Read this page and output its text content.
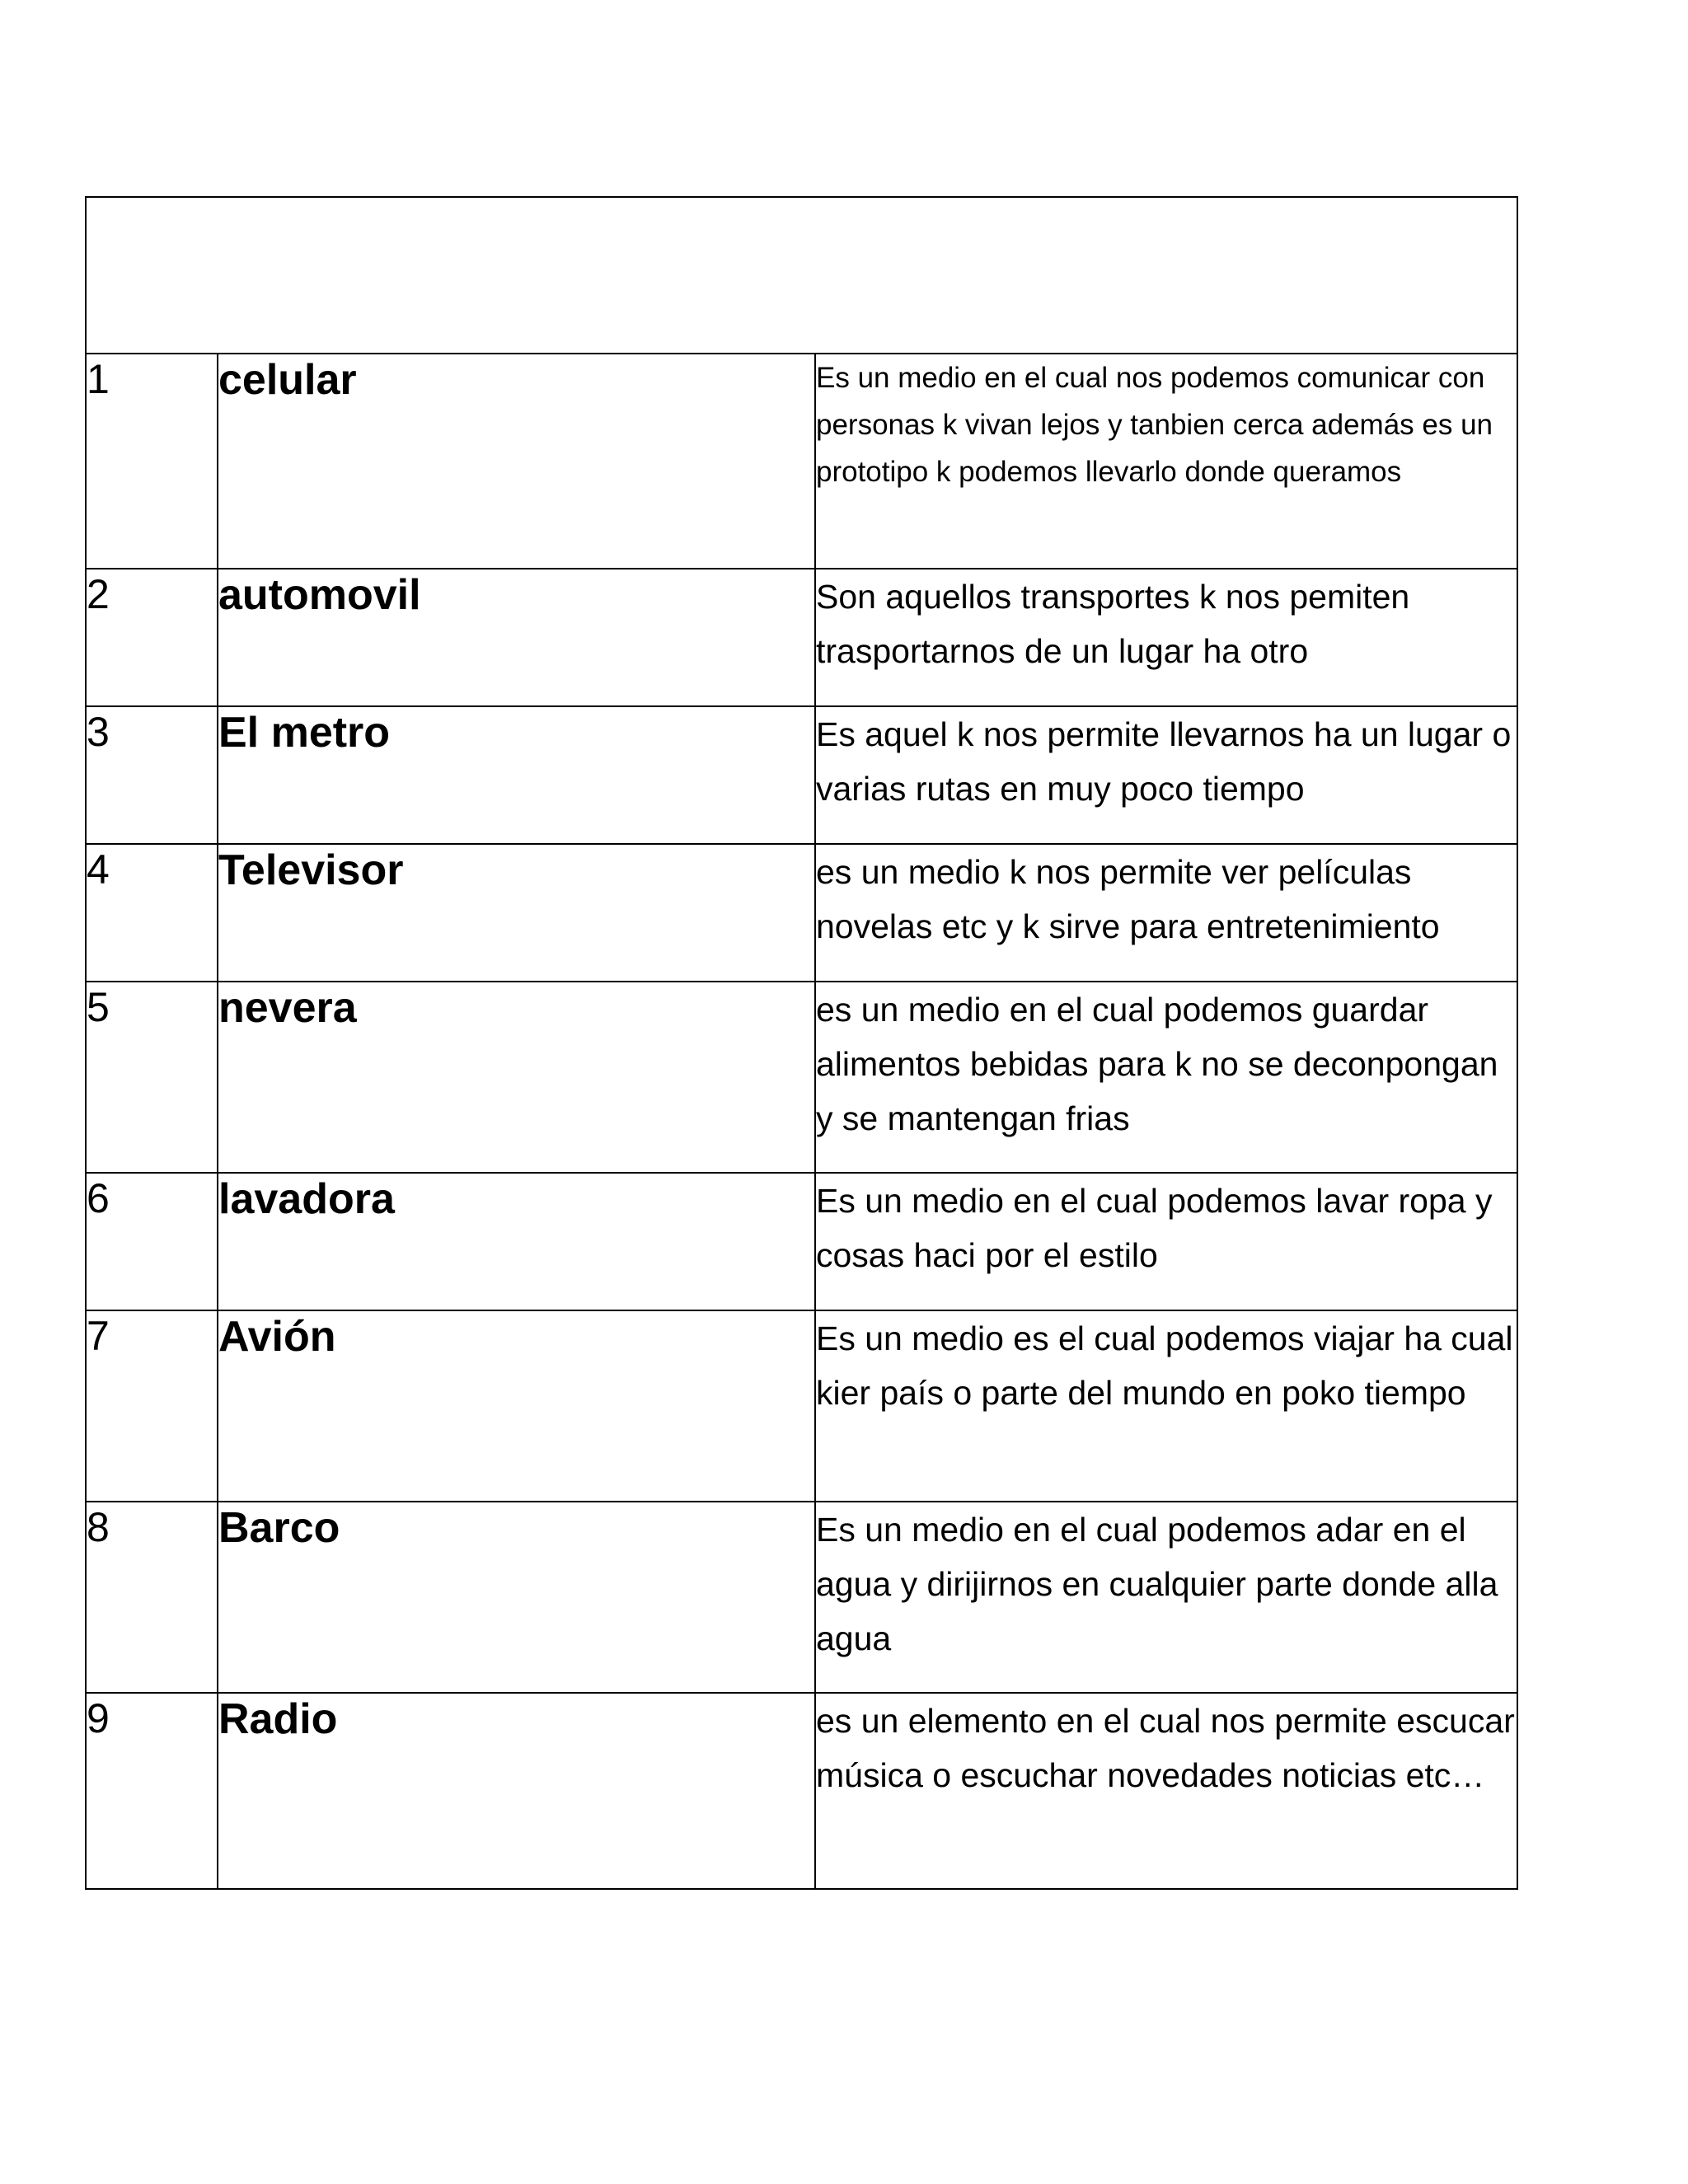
1	celular	Es un medio en el cual nos podemos comunicar con personas k vivan lejos y tanbien cerca además es un prototipo k podemos llevarlo donde queramos
2	automovil	Son aquellos transportes k nos pemiten trasportarnos de un lugar ha otro
3	El metro	Es aquel k nos permite llevarnos ha un lugar o varias rutas en muy poco tiempo
4	Televisor	es un medio k nos permite ver películas novelas etc y k sirve para entretenimiento
5	nevera	es un medio en el cual podemos guardar alimentos bebidas para k no se deconpongan y se mantengan frias
6	lavadora	Es un medio en el cual podemos lavar ropa y cosas haci por el estilo
7	Avión	Es un medio es el cual podemos viajar ha cual kier país o parte del mundo en poko tiempo
8	Barco	Es un medio en el cual podemos adar en el agua y dirijirnos en cualquier parte donde alla agua
9	Radio	es un elemento en el cual nos permite escucar música o escuchar novedades noticias etc…
